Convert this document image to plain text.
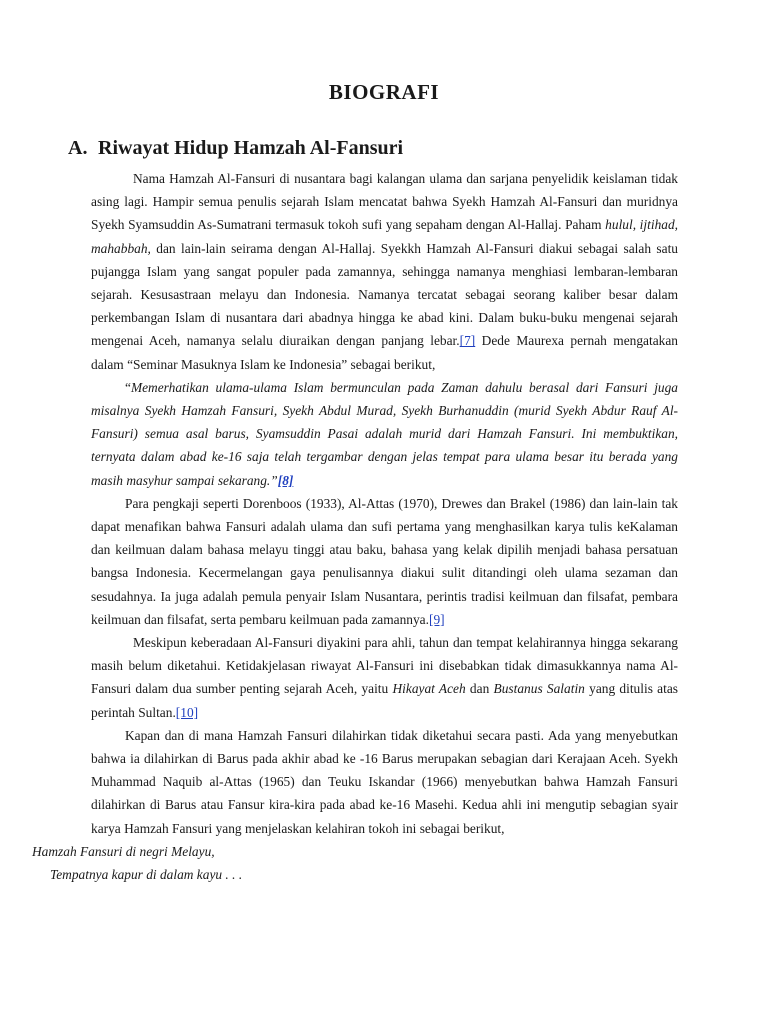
BIOGRAFI
A. Riwayat Hidup Hamzah Al-Fansuri

Nama Hamzah Al-Fansuri di nusantara bagi kalangan ulama dan sarjana penyelidik keislaman tidak asing lagi. Hampir semua penulis sejarah Islam mencatat bahwa Syekh Hamzah Al-Fansuri dan muridnya Syekh Syamsuddin As-Sumatrani termasuk tokoh sufi yang sepaham dengan Al-Hallaj. Paham hulul, ijtihad, mahabbah, dan lain-lain seirama dengan Al-Hallaj. Syekkh Hamzah Al-Fansuri diakui sebagai salah satu pujangga Islam yang sangat populer pada zamannya, sehingga namanya menghiasi lembaran-lembaran sejarah. Kesusastraan melayu dan Indonesia. Namanya tercatat sebagai seorang kaliber besar dalam perkembangan Islam di nusantara dari abadnya hingga ke abad kini. Dalam buku-buku mengenai sejarah mengenai Aceh, namanya selalu diuraikan dengan panjang lebar.[7] Dede Maurexa pernah mengatakan dalam “Seminar Masuknya Islam ke Indonesia” sebagai berikut,

“Memerhatikan ulama-ulama Islam bermunculan pada Zaman dahulu berasal dari Fansuri juga misalnya Syekh Hamzah Fansuri, Syekh Abdul Murad, Syekh Burhanuddin (murid Syekh Abdur Rauf Al-Fansuri) semua asal barus, Syamsuddin Pasai adalah murid dari Hamzah Fansuri. Ini membuktikan, ternyata dalam abad ke-16 saja telah tergambar dengan jelas tempat para ulama besar itu berada yang masih masyhur sampai sekarang.”[8]

Para pengkaji seperti Dorenboos (1933), Al-Attas (1970), Drewes dan Brakel (1986) dan lain-lain tak dapat menafikan bahwa Fansuri adalah ulama dan sufi pertama yang menghasilkan karya tulis keKalaman dan keilmuan dalam bahasa melayu tinggi atau baku, bahasa yang kelak dipilih menjadi bahasa persatuan bangsa Indonesia. Kecermelangan gaya penulisannya diakui sulit ditandingi oleh ulama sezaman dan sesudahnya. Ia juga adalah pemula penyair Islam Nusantara, perintis tradisi keilmuan dan filsafat, pembara keilmuan dan filsafat, serta pembaru keilmuan pada zamannya.[9]

Meskipun keberadaan Al-Fansuri diyakini para ahli, tahun dan tempat kelahirannya hingga sekarang masih belum diketahui. Ketidakjelasan riwayat Al-Fansuri ini disebabkan tidak dimasukkannya nama Al-Fansuri dalam dua sumber penting sejarah Aceh, yaitu Hikayat Aceh dan Bustanus Salatin yang ditulis atas perintah Sultan.[10]

Kapan dan di mana Hamzah Fansuri dilahirkan tidak diketahui secara pasti. Ada yang menyebutkan bahwa ia dilahirkan di Barus pada akhir abad ke -16 Barus merupakan sebagian dari Kerajaan Aceh. Syekh Muhammad Naquib al-Attas (1965) dan Teuku Iskandar (1966) menyebutkan bahwa Hamzah Fansuri dilahirkan di Barus atau Fansur kira-kira pada abad ke-16 Masehi. Kedua ahli ini mengutip sebagian syair karya Hamzah Fansuri yang menjelaskan kelahiran tokoh ini sebagai berikut,

Hamzah Fansuri di negri Melayu,
Tempatnya kapur di dalam kayu . . .
